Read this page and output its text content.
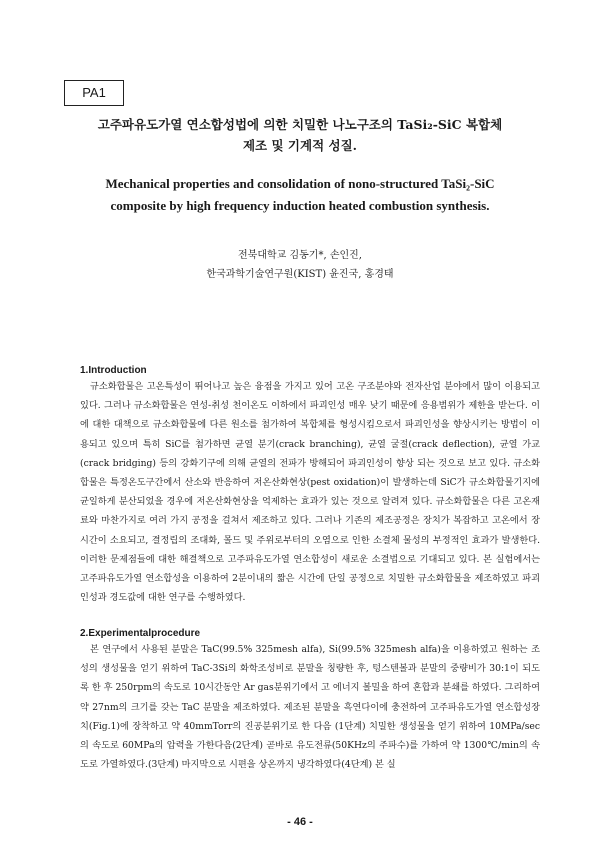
PA1
고주파유도가열 연소합성법에 의한 치밀한 나노구조의 TaSi₂-SiC 복합체
제조 및 기계적 성질.
Mechanical properties and consolidation of nono-structured TaSi₂-SiC
composite by high frequency induction heated combustion synthesis.
전북대학교 김동기*, 손인진,
한국과학기술연구원(KIST) 윤진국, 홍경태
1.Introduction
규소화합물은 고온특성이 뛰어나고 높은 융점을 가지고 있어 고온 구조분야와 전자산업 분야에서 많이 이용되고 있다. 그러나 규소화합물은 연성-취성 천이온도 이하에서 파괴인성 매우 낮기 때문에 응용범위가 제한을 받는다. 이에 대한 대책으로 규소화합물에 다른 원소를 첨가하여 복합체를 형성시킴으로서 파괴인성을 향상시키는 방법이 이용되고 있으며 특히 SiC를 첨가하면 균열 분기(crack branching), 균열 굴절(crack deflection), 균열 가교(crack bridging) 등의 강화기구에 의해 균열의 전파가 방해되어 파괴인성이 향상 되는 것으로 보고 있다. 규소화합물은 특정온도구간에서 산소와 반응하여 저온산화현상(pest oxidation)이 발생하는데 SiC가 규소화합물기지에 균일하게 분산되었을 경우에 저온산화현상을 억제하는 효과가 있는 것으로 알려져 있다. 규소화합물은 다른 고온재료와 마찬가지로 여러 가지 공정을 걸쳐서 제조하고 있다. 그러나 기존의 제조공정은 장치가 복잡하고 고온에서 장시간이 소요되고, 결정립의 조대화, 몰드 및 주위로부터의 오염으로 인한 소결체 물성의 부정적인 효과가 발생한다. 이러한 문제점들에 대한 해결책으로 고주파유도가열 연소합성이 새로운 소결법으로 기대되고 있다. 본 실험에서는 고주파유도가열 연소합성을 이용하여 2분이내의 짧은 시간에 단일 공정으로 치밀한 규소화합물을 제조하였고 파괴인성과 경도값에 대한 연구를 수행하였다.
2.Experimentalprocedure
본 연구에서 사용된 분말은 TaC(99.5% 325mesh alfa), Si(99.5% 325mesh alfa)을 이용하였고 원하는 조성의 생성물을 얻기 위하여 TaC-3Si의 화학조성비로 분말을 칭량한 후, 텅스텐볼과 분말의 중량비가 30:1이 되도록 한 후 250rpm의 속도로 10시간동안 Ar gas분위기에서 고 에너지 볼밀을 하여 혼합과 분쇄를 하였다. 그리하여 약 27nm의 크기를 갖는 TaC 분말을 제조하였다. 제조된 분말을 흑연다이에 충전하여 고주파유도가열 연소합성장치(Fig.1)에 장착하고 약 40mmTorr의 진공분위기로 한 다음 (1단계) 치밀한 생성물을 얻기 위하여 10MPa/sec의 속도로 60MPa의 압력을 가한다음(2단계) 곧바로 유도전류(50KHz의 주파수)를 가하여 약 1300℃/min의 속도로 가열하였다.(3단계) 마지막으로 시편을 상온까지 냉각하였다(4단계) 본 실
- 46 -
